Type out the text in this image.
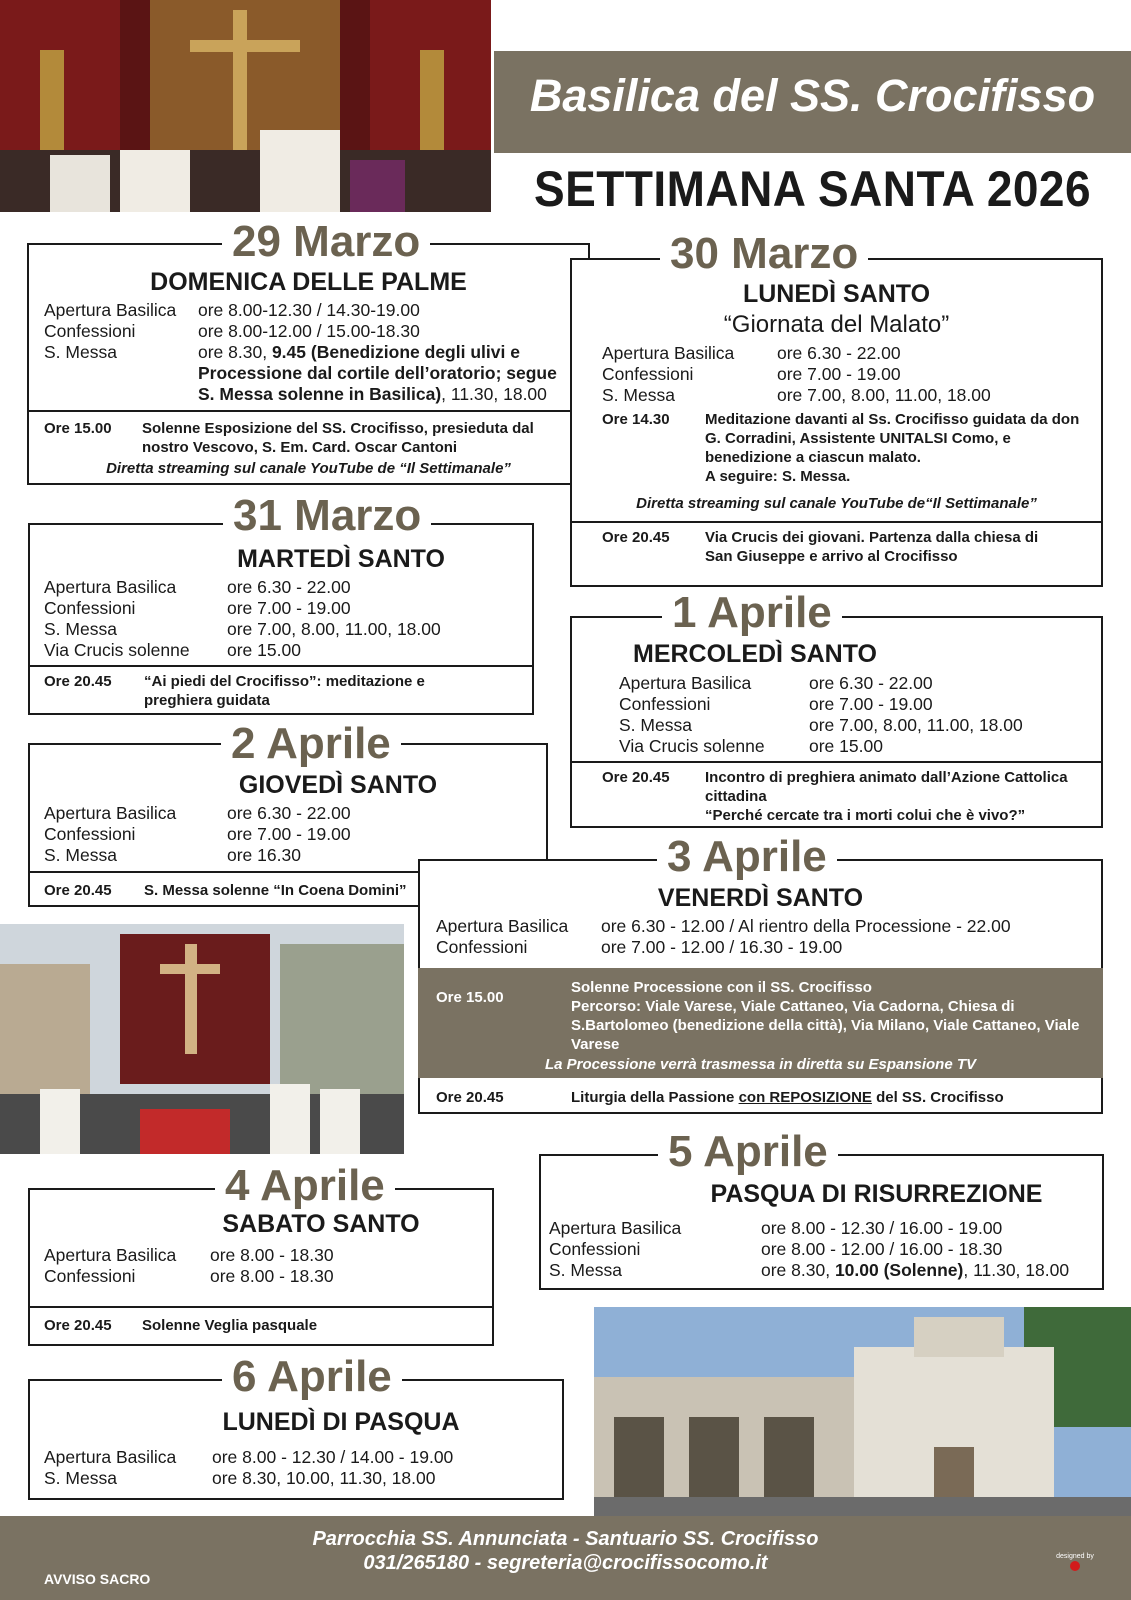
Basilica del SS. Crocifisso
SETTIMANA SANTA 2026
29 Marzo
DOMENICA DELLE PALME
Apertura Basilica	ore 8.00-12.30 / 14.30-19.00
Confessioni	ore 8.00-12.00 / 15.00-18.30
S. Messa	ore 8.30, 9.45 (Benedizione degli ulivi e
Processione dal cortile dell’oratorio; segue
S. Messa solenne in Basilica), 11.30, 18.00
Ore 15.00 Solenne Esposizione del SS. Crocifisso, presieduta dal nostro Vescovo, S. Em. Card. Oscar Cantoni
Diretta streaming sul canale YouTube de “Il Settimanale”
30 Marzo
LUNEDÌ SANTO
“Giornata del Malato”
Apertura Basilica	ore 6.30 - 22.00
Confessioni	ore 7.00 - 19.00
S. Messa	ore 7.00, 8.00, 11.00, 18.00
Ore 14.30 Meditazione davanti al Ss. Crocifisso guidata da don G. Corradini, Assistente UNITALSI Como, e benedizione a ciascun malato.
A seguire: S. Messa.
Diretta streaming sul canale YouTube de“Il Settimanale”
Ore 20.45 Via Crucis dei giovani. Partenza dalla chiesa di San Giuseppe e arrivo al Crocifisso
31 Marzo
MARTEDÌ SANTO
Apertura Basilica	ore 6.30 - 22.00
Confessioni	ore 7.00 - 19.00
S. Messa	ore 7.00, 8.00, 11.00, 18.00
Via Crucis solenne	ore 15.00
Ore 20.45 “Ai piedi del Crocifisso”: meditazione e preghiera guidata
1 Aprile
MERCOLEDÌ SANTO
Apertura Basilica	ore 6.30 - 22.00
Confessioni	ore 7.00 - 19.00
S. Messa	ore 7.00, 8.00, 11.00, 18.00
Via Crucis solenne	ore 15.00
Ore 20.45 Incontro di preghiera animato dall’Azione Cattolica cittadina
“Perché cercate tra i morti colui che è vivo?”
2 Aprile
GIOVEDÌ SANTO
Apertura Basilica	ore 6.30 - 22.00
Confessioni	ore 7.00 - 19.00
S. Messa	ore 16.30
Ore 20.45 S. Messa solenne “In Coena Domini”
3 Aprile
VENERDÌ SANTO
Apertura Basilica	ore 6.30 - 12.00 / Al rientro della Processione - 22.00
Confessioni	ore 7.00 - 12.00 / 16.30 - 19.00
Ore 15.00
Solenne Processione con il SS. Crocifisso
Percorso: Viale Varese, Viale Cattaneo, Via Cadorna, Chiesa di S.Bartolomeo (benedizione della città), Via Milano, Viale Cattaneo, Viale Varese
La Processione verrà trasmessa in diretta su Espansione TV
Ore 20.45	Liturgia della Passione con REPOSIZIONE del SS. Crocifisso
5 Aprile
PASQUA DI RISURREZIONE
Apertura Basilica	ore 8.00 - 12.30 / 16.00 - 19.00
Confessioni	ore 8.00 - 12.00 / 16.00 - 18.30
S. Messa	ore 8.30, 10.00 (Solenne), 11.30, 18.00
4 Aprile
SABATO SANTO
Apertura Basilica	ore 8.00 - 18.30
Confessioni	ore 8.00 - 18.30
Ore 20.45 Solenne Veglia pasquale
6 Aprile
LUNEDÌ DI PASQUA
Apertura Basilica	ore 8.00 - 12.30 / 14.00 - 19.00
S. Messa	ore 8.30, 10.00, 11.30, 18.00
Parrocchia SS. Annunciata - Santuario SS. Crocifisso
031/265180 - segreteria@crocifissocomo.it
AVVISO SACRO
designed by
